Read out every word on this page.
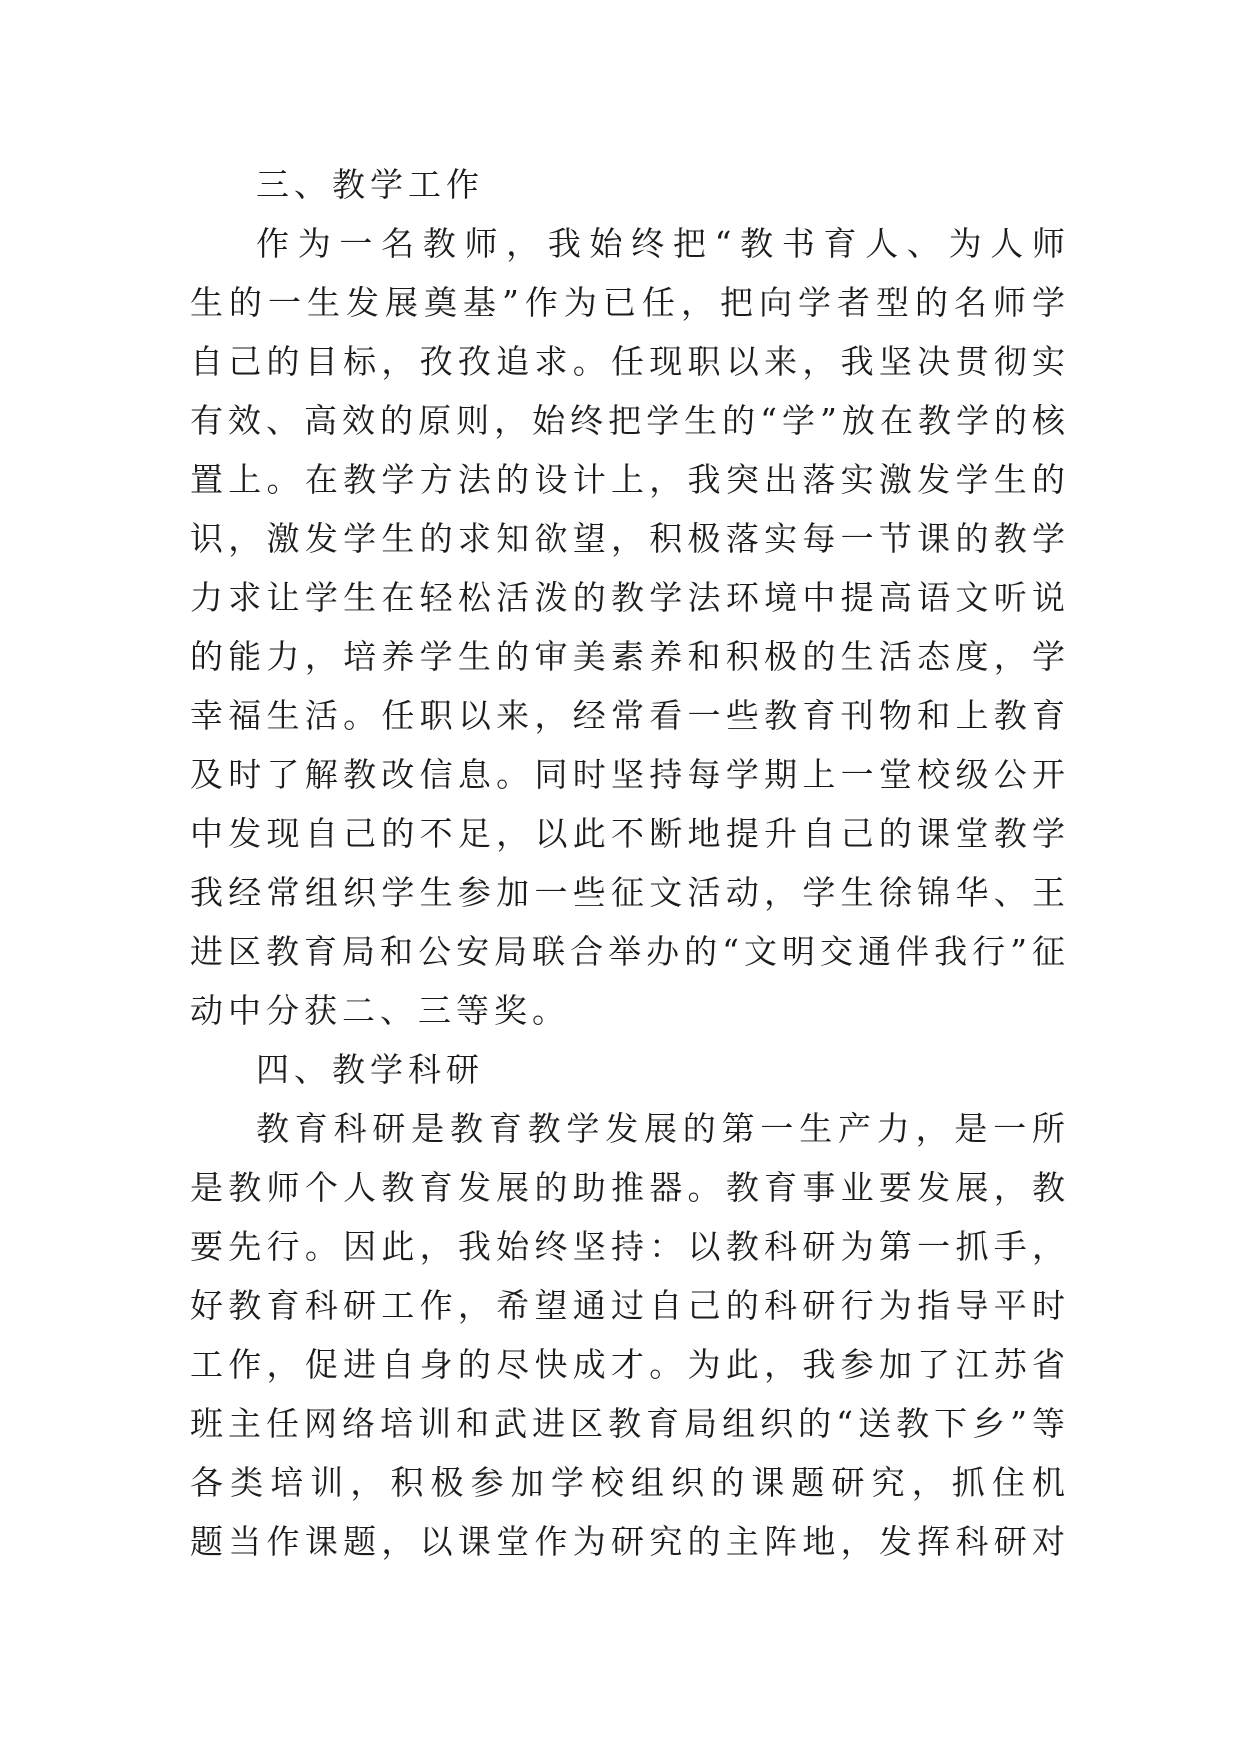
三、教学工作
作为一名教师，我始终把“教书育人、为人师
生的一生发展奠基”作为已任，把向学者型的名师学
自己的目标，孜孜追求。任现职以来，我坚决贯彻实
有效、高效的原则，始终把学生的“学”放在教学的核
置上。在教学方法的设计上，我突出落实激发学生的
识，激发学生的求知欲望，积极落实每一节课的教学
力求让学生在轻松活泼的教学法环境中提高语文听说
的能力，培养学生的审美素养和积极的生活态度，学
幸福生活。任职以来，经常看一些教育刊物和上教育
及时了解教改信息。同时坚持每学期上一堂校级公开
中发现自己的不足，以此不断地提升自己的课堂教学
我经常组织学生参加一些征文活动，学生徐锦华、王
进区教育局和公安局联合举办的“文明交通伴我行”征
动中分获二、三等奖。
四、教学科研
教育科研是教育教学发展的第一生产力，是一所
是教师个人教育发展的助推器。教育事业要发展，教
要先行。因此，我始终坚持：以教科研为第一抓手，
好教育科研工作，希望通过自己的科研行为指导平时
工作，促进自身的尽快成才。为此，我参加了江苏省
班主任网络培训和武进区教育局组织的“送教下乡”等
各类培训，积极参加学校组织的课题研究，抓住机
题当作课题，以课堂作为研究的主阵地，发挥科研对
